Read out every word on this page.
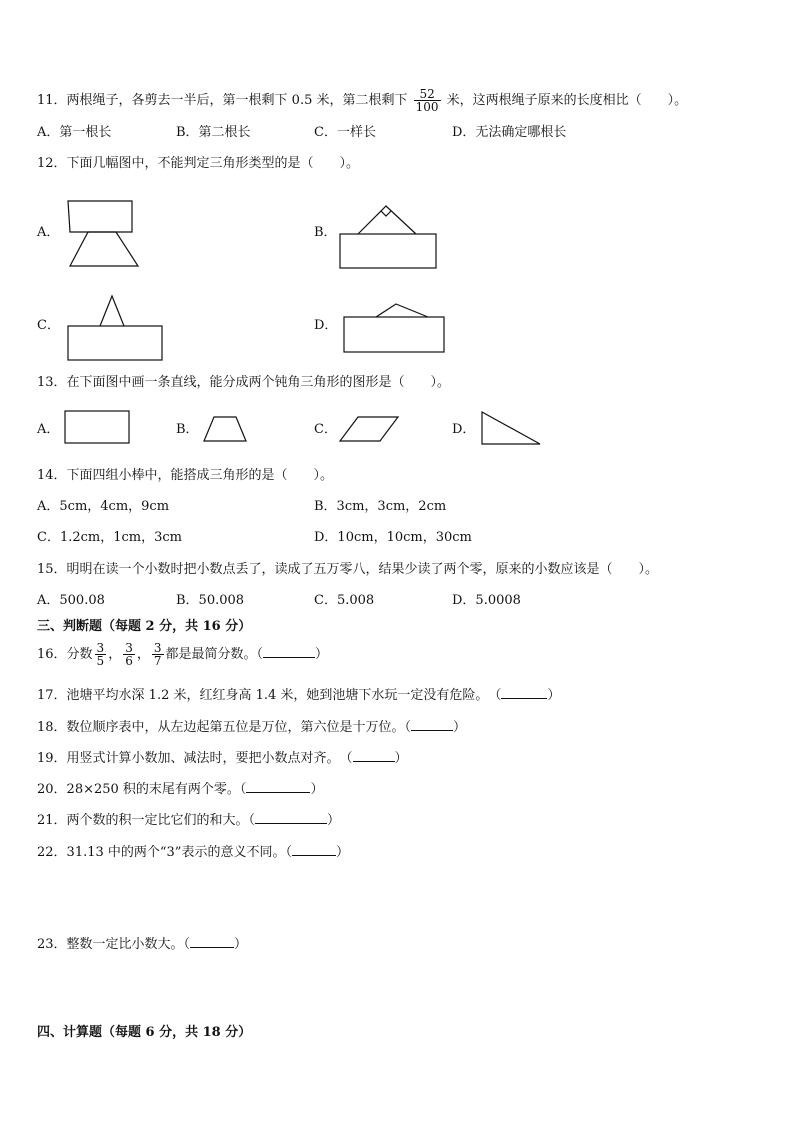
11．两根绳子，各剪去一半后，第一根剩下 0.5 米，第二根剩下 $\frac{52}{100}$ 米，这两根绳子原来的长度相比（　　）。
A．第一根长	B．第二根长	C．一样长	D．无法确定哪根长
12．下面几幅图中，不能判定三角形类型的是（　　）。
A．	B．
C．	D．
13．在下面图中画一条直线，能分成两个钝角三角形的图形是（　　）。
A．	B．	C．	D．
14．下面四组小棒中，能搭成三角形的是（　　）。
A．5cm，4cm，9cm	B．3cm，3cm，2cm
C．1.2cm，1cm，3cm	D．10cm，10cm，30cm
15．明明在读一个小数时把小数点丢了，读成了五万零八，结果少读了两个零，原来的小数应该是（　　）。
A．500.08	B．50.008	C．5.008	D．5.0008
三、判断题（每题 2 分，共 16 分）
16．分数 $\frac{3}{5}$ ， $\frac{3}{6}$ ， $\frac{3}{7}$ 都是最简分数。（	）
17．池塘平均水深 1.2 米，红红身高 1.4 米，她到池塘下水玩一定没有危险。　（	）
18．数位顺序表中，从左边起第五位是万位，第六位是十万位。（	）
19．用竖式计算小数加、减法时，要把小数点对齐。　（	）
20．28×250 积的末尾有两个零。（	）
21．两个数的积一定比它们的和大。（	）
22．31.13 中的两个“3”表示的意义不同。（	）
23．整数一定比小数大。（	）
四、计算题（每题 6 分，共 18 分）
